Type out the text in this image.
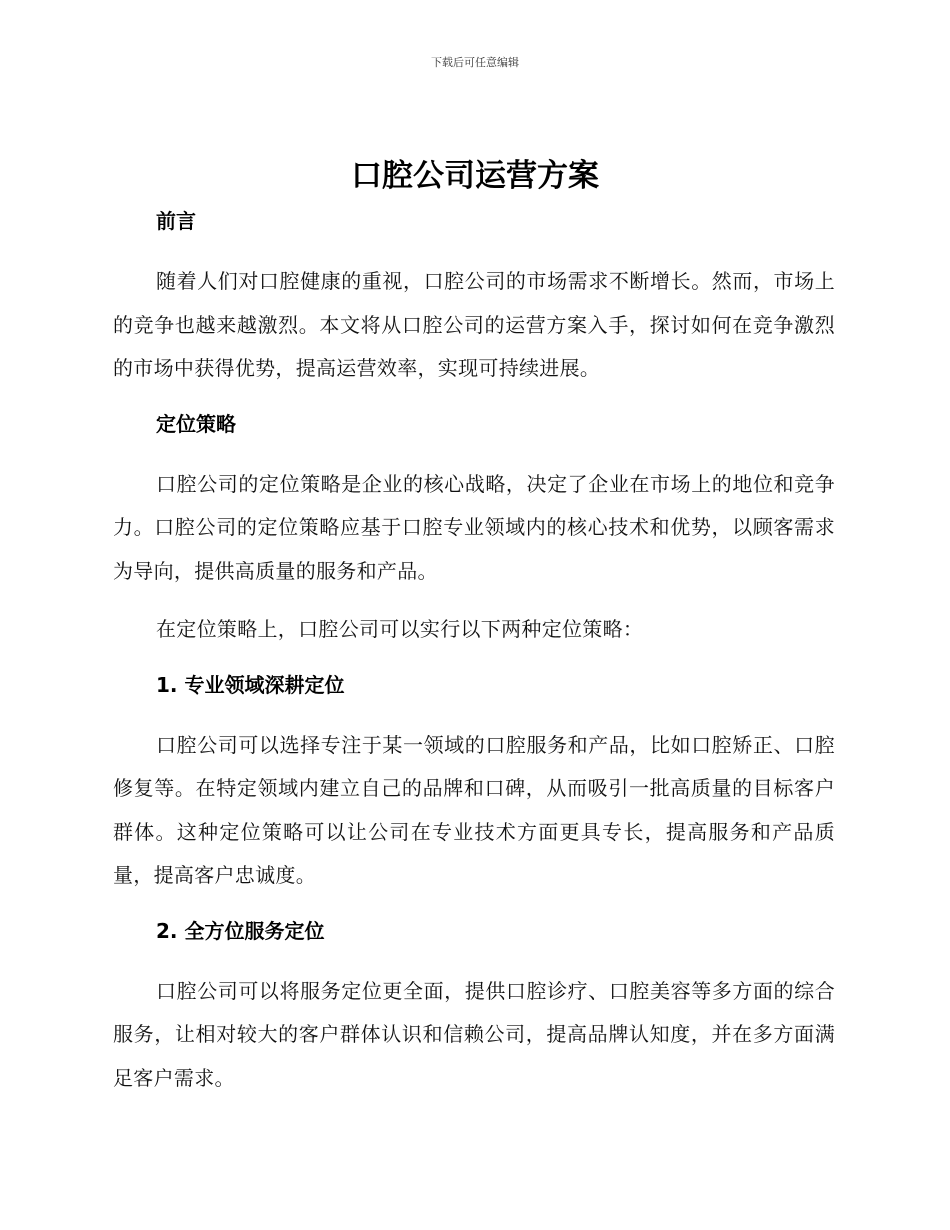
下载后可任意编辑
口腔公司运营方案
前言

随着人们对口腔健康的重视，口腔公司的市场需求不断增长。然而，市场上的竞争也越来越激烈。本文将从口腔公司的运营方案入手，探讨如何在竞争激烈的市场中获得优势，提高运营效率，实现可持续进展。

定位策略

口腔公司的定位策略是企业的核心战略，决定了企业在市场上的地位和竞争力。口腔公司的定位策略应基于口腔专业领域内的核心技术和优势，以顾客需求为导向，提供高质量的服务和产品。

在定位策略上，口腔公司可以实行以下两种定位策略：

1. 专业领域深耕定位

口腔公司可以选择专注于某一领域的口腔服务和产品，比如口腔矫正、口腔修复等。在特定领域内建立自己的品牌和口碑，从而吸引一批高质量的目标客户群体。这种定位策略可以让公司在专业技术方面更具专长，提高服务和产品质量，提高客户忠诚度。

2. 全方位服务定位

口腔公司可以将服务定位更全面，提供口腔诊疗、口腔美容等多方面的综合服务，让相对较大的客户群体认识和信赖公司，提高品牌认知度，并在多方面满足客户需求。
